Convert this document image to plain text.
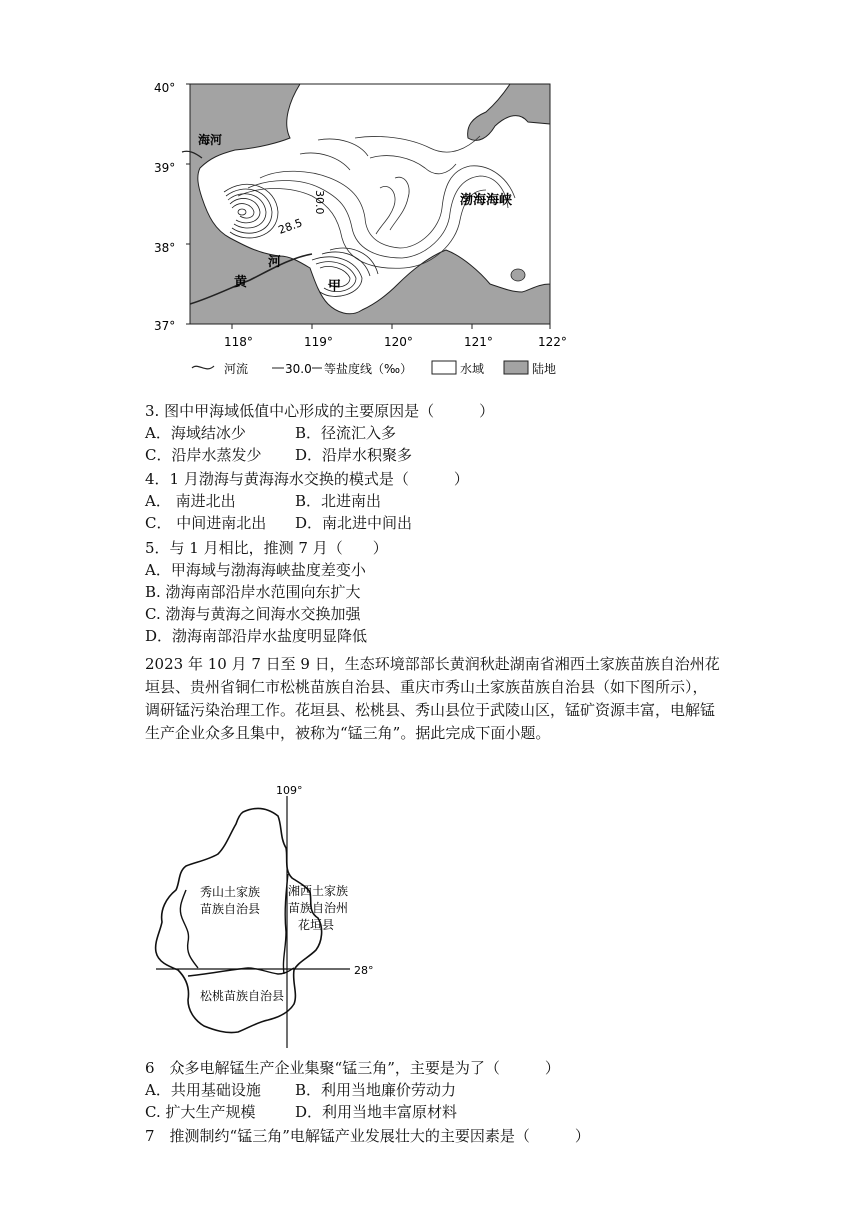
40°
39°
38°
37°
118°	119°	120°	121°	122°
海河
渤海海峡
黄
河
甲
30.0
28.5
河流	30.0 等盐度线（‰）	水域	陆地
3. 图中甲海域低值中心形成的主要原因是（　　　）
A．海域结冰少	B．径流汇入多
C．沿岸水蒸发少 D．沿岸水积聚多
4．1 月渤海与黄海海水交换的模式是（　　　）
A． 南进北出	B．北进南出
C． 中间进南北出 D．南北进中间出
5．与 1 月相比，推测 7 月（　　）
A．甲海域与渤海海峡盐度差变小
B. 渤海南部沿岸水范围向东扩大
C. 渤海与黄海之间海水交换加强
D．渤海南部沿岸水盐度明显降低
2023 年 10 月 7 日至 9 日，生态环境部部长黄润秋赴湖南省湘西土家族苗族自治州花垣县、贵州省铜仁市松桃苗族自治县、重庆市秀山土家族苗族自治县（如下图所示），调研锰污染治理工作。花垣县、松桃县、秀山县位于武陵山区，锰矿资源丰富，电解锰生产企业众多且集中，被称为“锰三角”。据此完成下面小题。
109°
28°
秀山土家族
苗族自治县
湘西土家族
苗族自治州
花垣县
松桃苗族自治县
6　众多电解锰生产企业集聚“锰三角”，主要是为了（　　　）
A．共用基础设施 B．利用当地廉价劳动力
C. 扩大生产规模	D．利用当地丰富原材料
7　推测制约“锰三角”电解锰产业发展壮大的主要因素是（　　　）
